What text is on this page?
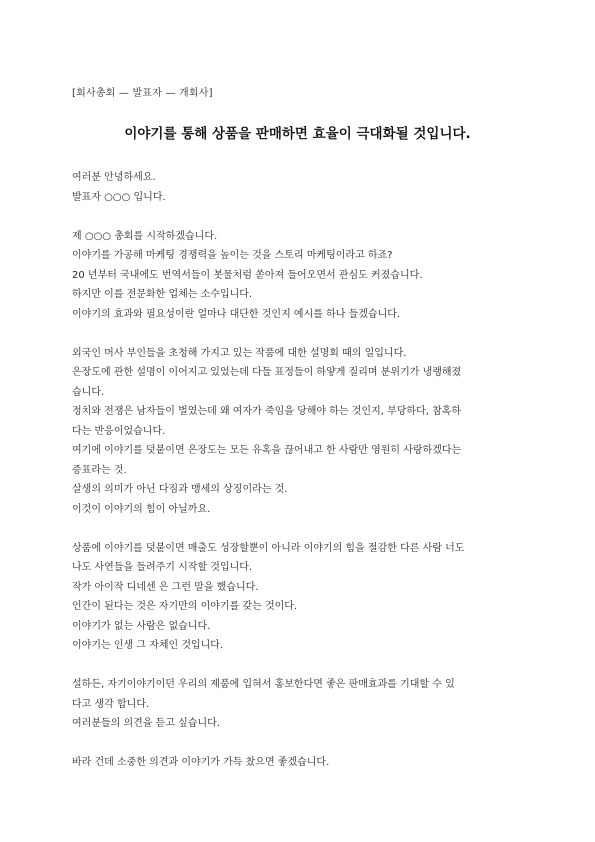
[회사총회 — 발표자 — 개회사]
이야기를 통해 상품을 판매하면 효율이 극대화될 것입니다.
여러분 안녕하세요.
발표자 ○○○ 입니다.
제 ○○○ 총회를 시작하겠습니다.
이야기를 가공해 마케팅 경쟁력을 높이는 것을 스토리 마케팅이라고 하죠?
20 년부터 국내에도 번역서들이 봇물처럼 쏟아져 들어오면서 관심도 커졌습니다.
하지만 이를 전문화한 업체는 소수입니다.
이야기의 효과와 필요성이란 얼마나 대단한 것인지 예시를 하나 들겠습니다.
외국인 머사 부인들을 초청해 가지고 있는 작품에 대한 설명회 때의 일입니다.
은장도에 관한 설명이 이어지고 있었는데 다들 표정들이 하얗게 질리며 분위기가 냉랭해졌
습니다.
정치와 전쟁은 남자들이 벌였는데 왜 여자가 죽임을 당해야 하는 것인지, 부당하다, 참혹하
다는 반응이었습니다.
여기에 이야기를 덧붙이면 은장도는 모든 유혹을 끊어내고 한 사람만 영원히 사랑하겠다는
증표라는 것.
살생의 의미가 아닌 다짐과 맹세의 상징이라는 것.
이것이 이야기의 힘이 아닐까요.
상품에 이야기를 덧붙이면 매출도 성장할뿐이 아니라 이야기의 힘을 절감한 다른 사람 너도
나도 사연들을 들려주기 시작할 것입니다.
작가 아이작 디네센 은 그런 말을 했습니다.
인간이 된다는 것은 자기만의 이야기를 갖는 것이다.
이야기가 없는 사람은 없습니다.
이야기는 인생 그 자체인 것입니다.
설하든, 자기이야기이던 우리의 제품에 입혀서 홍보한다면 좋은 판매효과를 기대할 수 있
다고 생각 합니다.
여러분들의 의견을 듣고 싶습니다.
바라 건데 소중한 의견과 이야기가 가득 찼으면 좋겠습니다.
